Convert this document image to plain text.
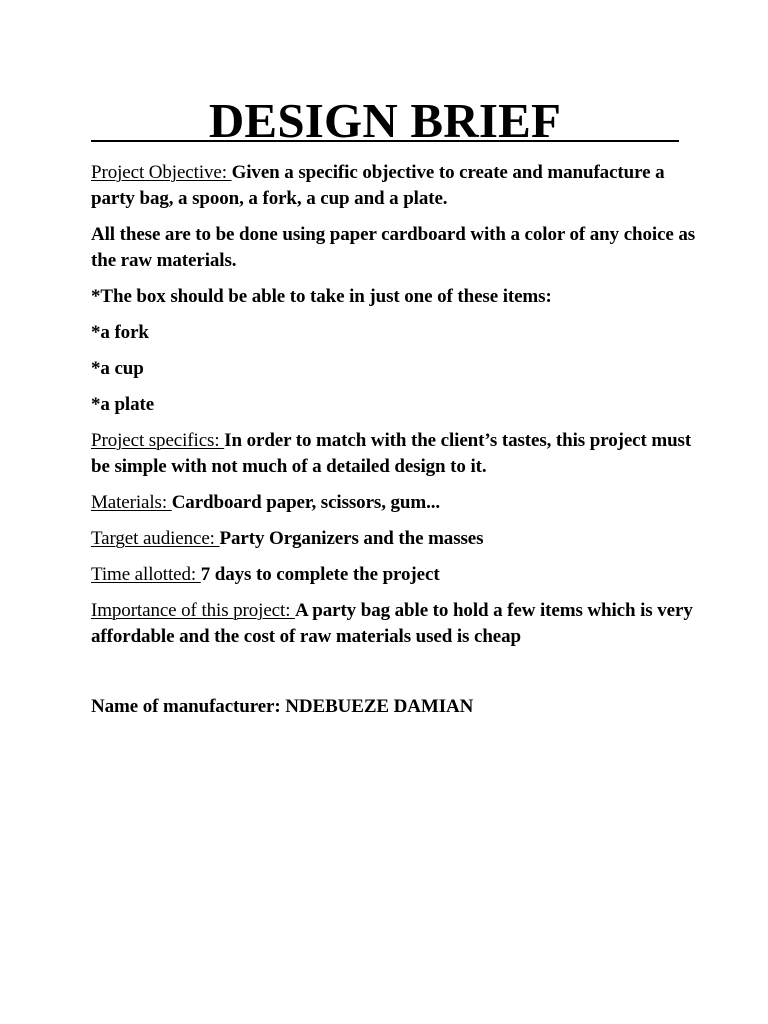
DESIGN BRIEF

Project Objective: Given a specific objective to create and manufacture a party bag, a spoon, a fork, a cup and a plate.

All these are to be done using paper cardboard with a color of any choice as the raw materials.

*The box should be able to take in just one of these items:

*a fork

*a cup

*a plate

Project specifics: In order to match with the client’s tastes, this project must be simple with not much of a detailed design to it.

Materials: Cardboard paper, scissors, gum...

Target audience: Party Organizers and the masses

Time allotted: 7 days to complete the project

Importance of this project: A party bag able to hold a few items which is very affordable and the cost of raw materials used is cheap

Name of manufacturer: NDEBUEZE DAMIAN
